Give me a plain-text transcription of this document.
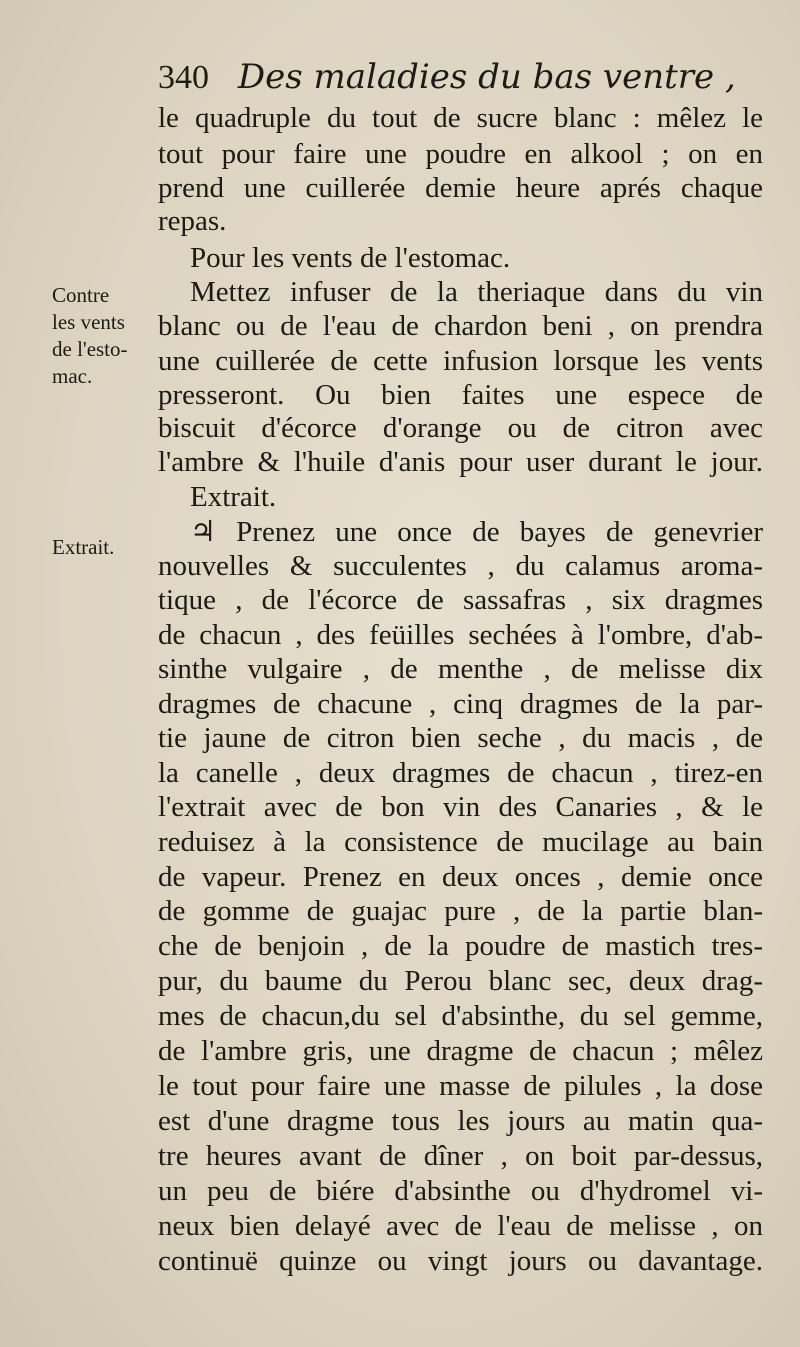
340 Des maladies du bas ventre ,
Contre
les vents
de l'esto-
mac.
Extrait.
le quadruple du tout de sucre blanc : mêlez le
tout pour faire une poudre en alkool ; on en
prend une cuillerée demie heure aprés chaque
repas.
Pour les vents de l'estomac.
Mettez infuser de la theriaque dans du vin
blanc ou de l'eau de chardon beni , on prendra
une cuillerée de cette infusion lorsque les vents
presseront. Ou bien faites une espece de
biscuit d'écorce d'orange ou de citron avec
l'ambre & l'huile d'anis pour user durant le jour.
Extrait.
♃ Prenez une once de bayes de genevrier
nouvelles & succulentes , du calamus aroma-
tique , de l'écorce de sassafras , six dragmes
de chacun , des feüilles sechées à l'ombre, d'ab-
sinthe vulgaire , de menthe , de melisse dix
dragmes de chacune , cinq dragmes de la par-
tie jaune de citron bien seche , du macis , de
la canelle , deux dragmes de chacun , tirez-en
l'extrait avec de bon vin des Canaries , & le
reduisez à la consistence de mucilage au bain
de vapeur. Prenez en deux onces , demie once
de gomme de guajac pure , de la partie blan-
che de benjoin , de la poudre de mastich tres-
pur, du baume du Perou blanc sec, deux drag-
mes de chacun,du sel d'absinthe, du sel gemme,
de l'ambre gris, une dragme de chacun ; mêlez
le tout pour faire une masse de pilules , la dose
est d'une dragme tous les jours au matin qua-
tre heures avant de dîner , on boit par-dessus,
un peu de biére d'absinthe ou d'hydromel vi-
neux bien delayé avec de l'eau de melisse , on
continuë quinze ou vingt jours ou davantage.
